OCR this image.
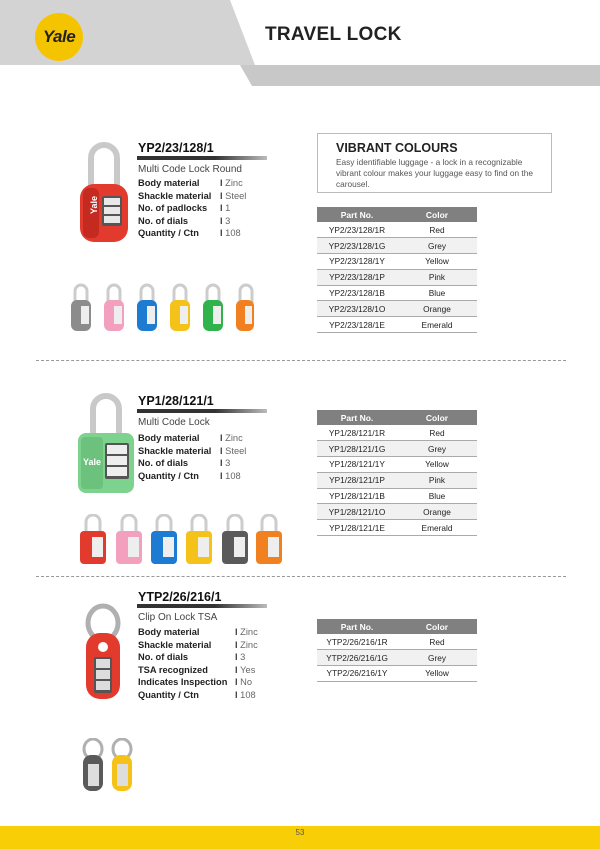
Yale	TRAVEL LOCK
Yale
YP2/23/128/1
Multi Code Lock Round
Body material	I Zinc
Shackle material	I Steel
No. of padlocks	I 1
No. of dials	I 3
Quantity / Ctn	I 108
VIBRANT COLOURS

Easy identifiable luggage - a lock in a recognizable vibrant colour makes your luggage easy to find on the carousel.

Part No.	Color
YP2/23/128/1R	Red
YP2/23/128/1G	Grey
YP2/23/128/1Y	Yellow
YP2/23/128/1P	Pink
YP2/23/128/1B	Blue
YP2/23/128/1O	Orange
YP2/23/128/1E	Emerald
Yale
YP1/28/121/1
Multi Code Lock
Body material	I Zinc
Shackle material	I Steel
No. of dials	I 3
Quantity / Ctn	I 108
Part No.	Color
YP1/28/121/1R	Red
YP1/28/121/1G	Grey
YP1/28/121/1Y	Yellow
YP1/28/121/1P	Pink
YP1/28/121/1B	Blue
YP1/28/121/1O	Orange
YP1/28/121/1E	Emerald
YTP2/26/216/1
Clip On Lock TSA
Body material	I Zinc
Shackle material	I Zinc
No. of dials	I 3
TSA recognized	I Yes
Indicates Inspection	I No
Quantity / Ctn	I 108
Part No.	Color
YTP2/26/216/1R	Red
YTP2/26/216/1G	Grey
YTP2/26/216/1Y	Yellow
53
